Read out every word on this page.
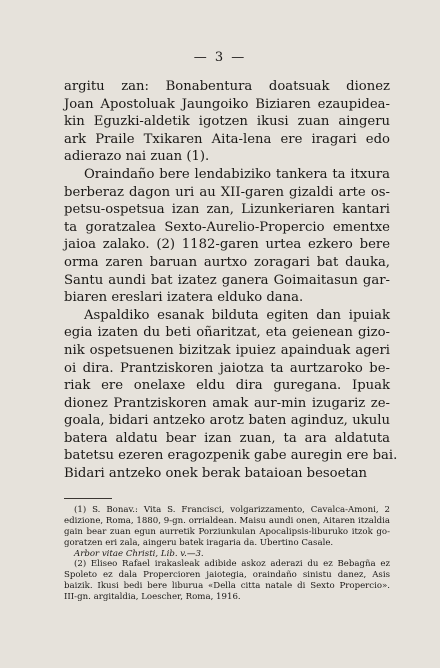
— 3 —
argitu zan: Bonabentura doatsuak dionez
Joan Apostoluak Jaungoiko Biziaren ezaupidea-
kin Eguzki-aldetik igotzen ikusi zuan aingeru
ark Praile Txikaren Aita-lena ere iragari edo
adierazo nai zuan (1).
Oraindaño bere lendabiziko tankera ta itxura
berberaz dagon uri au XII-garen gizaldi arte os-
petsu-ospetsua izan zan, Lizunkeriaren kantari
ta goratzalea Sexto-Aurelio-Propercio ementxe
jaioa zalako. (2) 1182-garen urtea ezkero bere
orma zaren baruan aurtxo zoragari bat dauka,
Santu aundi bat izatez ganera Goimaitasun gar-
biaren ereslari izatera elduko dana.
Aspaldiko esanak bilduta egiten dan ipuiak
egia izaten du beti oñaritzat, eta geienean gizo-
nik ospetsuenen bizitzak ipuiez apainduak ageri
oi dira. Prantziskoren jaiotza ta aurtzaroko be-
riak ere onelaxe eldu dira guregana. Ipuak
dionez Prantziskoren amak aur-min izugariz ze-
goala, bidari antzeko arotz baten aginduz, ukulu
batera aldatu bear izan zuan, ta ara aldatuta
batetsu ezeren eragozpenik gabe auregin ere bai.
Bidari antzeko onek berak bataioan besoetan
(1) S. Bonav.: Vita S. Francisci, volgarizzamento, Cavalca-Amoni, 2
edizione, Roma, 1880, 9-gn. orrialdean. Maisu aundi onen, Aitaren itzaldia
gain bear zuan egun aurretik Porziunkulan Apocalipsis-liburuko itzok go-
goratzen eri zala, aingeru batek iragaria da. Ubertino Casale.
Arbor vitae Christi, Lib. v.—3.
(2) Eliseo Rafael irakasleak adibide askoz aderazi du ez Bebagña ez
Spoleto ez dala Propercioren jaiotegia, oraindaño sinistu danez, Asis
baizik. Ikusi bedi bere liburua «Della citta natale di Sexto Propercio».
III-gn. argitaldia, Loescher, Roma, 1916.
